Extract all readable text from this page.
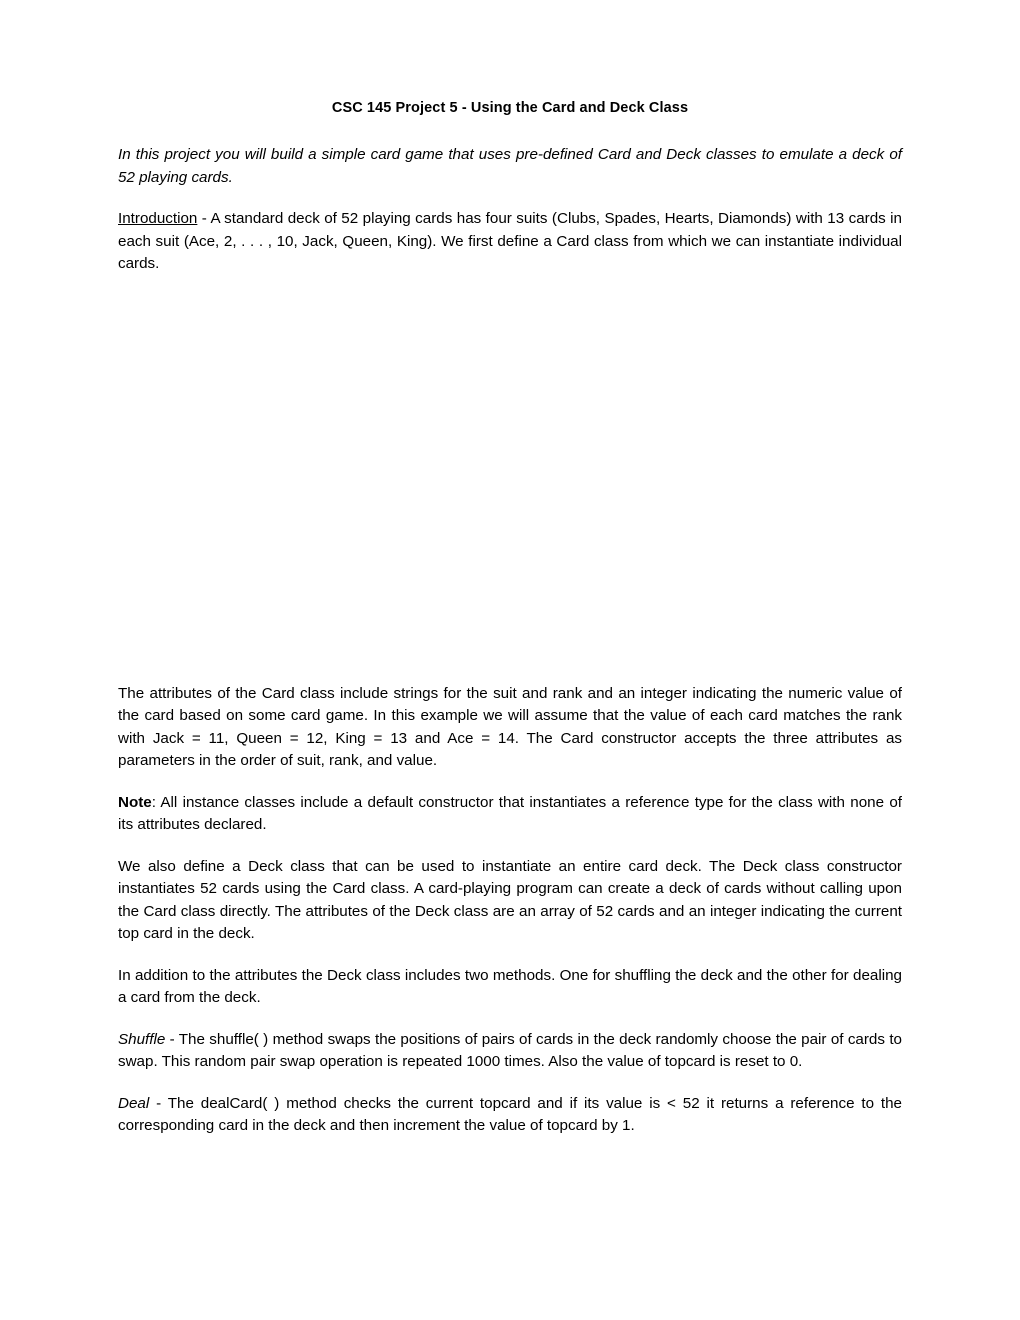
CSC 145 Project 5 - Using the Card and Deck Class

In this project you will build a simple card game that uses pre-defined Card and Deck classes to emulate a deck of 52 playing cards.

Introduction - A standard deck of 52 playing cards has four suits (Clubs, Spades, Hearts, Diamonds) with 13 cards in each suit (Ace, 2, . . . , 10, Jack, Queen, King). We first define a Card class from which we can instantiate individual cards.

The attributes of the Card class include strings for the suit and rank and an integer indicating the numeric value of the card based on some card game. In this example we will assume that the value of each card matches the rank with Jack = 11, Queen = 12, King = 13 and Ace = 14. The Card constructor accepts the three attributes as parameters in the order of suit, rank, and value.

Note: All instance classes include a default constructor that instantiates a reference type for the class with none of its attributes declared.

We also define a Deck class that can be used to instantiate an entire card deck. The Deck class constructor instantiates 52 cards using the Card class. A card-playing program can create a deck of cards without calling upon the Card class directly. The attributes of the Deck class are an array of 52 cards and an integer indicating the current top card in the deck.

In addition to the attributes the Deck class includes two methods. One for shuffling the deck and the other for dealing a card from the deck.

Shuffle - The shuffle( ) method swaps the positions of pairs of cards in the deck randomly choose the pair of cards to swap. This random pair swap operation is repeated 1000 times. Also the value of topcard is reset to 0.

Deal - The dealCard( ) method checks the current topcard and if its value is < 52 it returns a reference to the corresponding card in the deck and then increment the value of topcard by 1.
